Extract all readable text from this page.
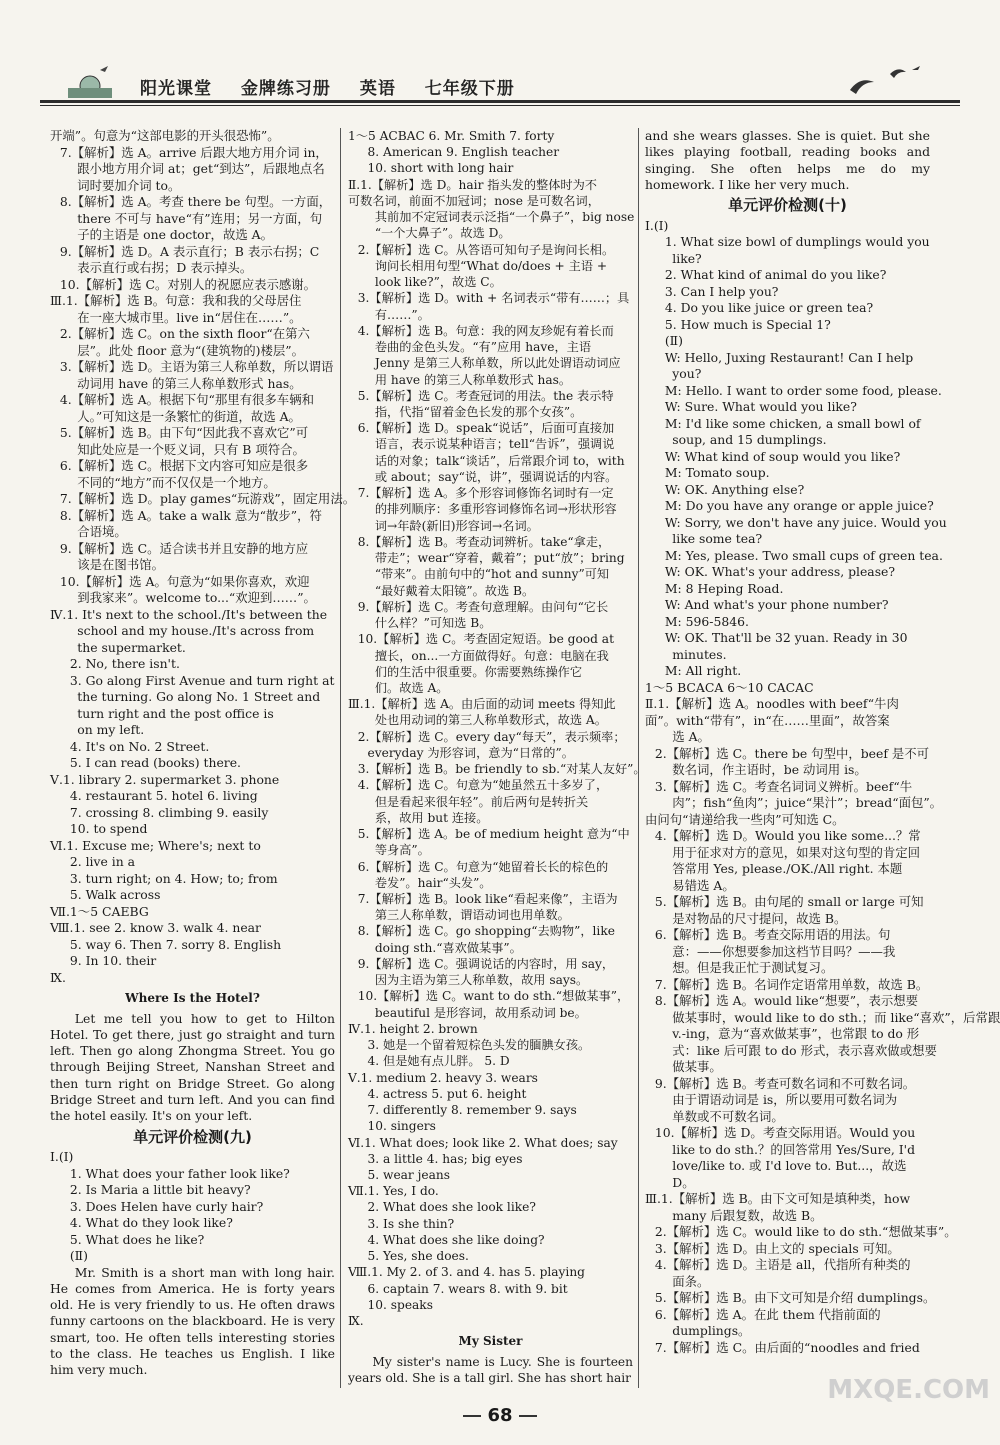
阳光课堂 金牌练习册 英语 七年级下册
开端”。句意为“这部电影的开头很恐怖”。
7.【解析】选 A。arrive 后跟大地方用介词 in，
跟小地方用介词 at；get“到达”，后跟地点名
词时要加介词 to。
8.【解析】选 A。考查 there be 句型。一方面，
there 不可与 have“有”连用；另一方面，句
子的主语是 one doctor，故选 A。
9.【解析】选 D。A 表示直行；B 表示右拐；C
表示直行或右拐；D 表示掉头。
10.【解析】选 C。对别人的祝愿应表示感谢。
Ⅲ.1.【解析】选 B。句意：我和我的父母居住
在一座大城市里。live in“居住在……”。
2.【解析】选 C。on the sixth floor“在第六
层”。此处 floor 意为“(建筑物的)楼层”。
3.【解析】选 D。主语为第三人称单数，所以谓语
动词用 have 的第三人称单数形式 has。
4.【解析】选 A。根据下句“那里有很多车辆和
人。”可知这是一条繁忙的街道，故选 A。
5.【解析】选 B。由下句“因此我不喜欢它”可
知此处应是一个贬义词，只有 B 项符合。
6.【解析】选 C。根据下文内容可知应是很多
不同的“地方”而不仅仅是一个地方。
7.【解析】选 D。play games“玩游戏”，固定用法。
8.【解析】选 A。take a walk 意为“散步”，符
合语境。
9.【解析】选 C。适合读书并且安静的地方应
该是在图书馆。
10.【解析】选 A。句意为“如果你喜欢，欢迎
到我家来”。welcome to...“欢迎到……”。
Ⅳ.1. It's next to the school./It's between the
school and my house./It's across from
the supermarket.
2. No, there isn't.
3. Go along First Avenue and turn right at
the turning. Go along No. 1 Street and
turn right and the post office is
on my left.
4. It's on No. 2 Street.
5. I can read (books) there.
Ⅴ.1. library 2. supermarket 3. phone
4. restaurant 5. hotel 6. living
7. crossing 8. climbing 9. easily
10. to spend
Ⅵ.1. Excuse me; Where's; next to
2. live in a
3. turn right; on 4. How; to; from
5. Walk across
Ⅶ.1～5 CAEBG
Ⅷ.1. see 2. know 3. walk 4. near
5. way 6. Then 7. sorry 8. English
9. In 10. their
Ⅸ.
Where Is the Hotel?
Let me tell you how to get to Hilton Hotel. To get there, just go straight and turn left. Then go along Zhongma Street. You go through Beijing Street, Nanshan Street and then turn right on Bridge Street. Go along Bridge Street and turn left. And you can find the hotel easily. It's on your left.
单元评价检测(九)
Ⅰ.(Ⅰ)
1. What does your father look like?
2. Is Maria a little bit heavy?
3. Does Helen have curly hair?
4. What do they look like?
5. What does he like?
(Ⅱ)
Mr. Smith is a short man with long hair. He comes from America. He is forty years old. He is very friendly to us. He often draws funny cartoons on the blackboard. He is very smart, too. He often tells interesting stories to the class. He teaches us English. I like him very much.
1～5 ACBAC 6. Mr. Smith 7. forty
8. American 9. English teacher
10. short with long hair
Ⅱ.1.【解析】选 D。hair 指头发的整体时为不
可数名词，前面不加冠词；nose 是可数名词，
其前加不定冠词表示泛指“一个鼻子”，big nose
“一个大鼻子”。故选 D。
2.【解析】选 C。从答语可知句子是询问长相。
询问长相用句型“What do/does + 主语 +
look like?”，故选 C。
3.【解析】选 D。with + 名词表示“带有……；具
有……”。
4.【解析】选 B。句意：我的网友珍妮有着长而
卷曲的金色头发。“有”应用 have，主语
Jenny 是第三人称单数，所以此处谓语动词应
用 have 的第三人称单数形式 has。
5.【解析】选 C。考查冠词的用法。the 表示特
指，代指“留着金色长发的那个女孩”。
6.【解析】选 D。speak“说话”，后面可直接加
语言，表示说某种语言；tell“告诉”，强调说
话的对象；talk“谈话”，后常跟介词 to，with
或 about；say“说，讲”，强调说话的内容。
7.【解析】选 A。多个形容词修饰名词时有一定
的排列顺序：多重形容词修饰名词→形状形容
词→年龄(新旧)形容词→名词。
8.【解析】选 B。考查动词辨析。take“拿走，
带走”；wear“穿着，戴着”；put“放”；bring
“带来”。由前句中的“hot and sunny”可知
“最好戴着太阳镜”。故选 B。
9.【解析】选 C。考查句意理解。由问句“它长
什么样？”可知选 B。
10.【解析】选 C。考查固定短语。be good at
擅长，on...一方面做得好。句意：电脑在我
们的生活中很重要。你需要熟练操作它
们。故选 A。
Ⅲ.1.【解析】选 A。由后面的动词 meets 得知此
处也用动词的第三人称单数形式，故选 A。
2.【解析】选 C。every day“每天”，表示频率；
everyday 为形容词，意为“日常的”。
3.【解析】选 B。be friendly to sb.“对某人友好”。
4.【解析】选 C。句意为“她虽然五十多岁了，
但是看起来很年轻”。前后两句是转折关
系，故用 but 连接。
5.【解析】选 A。be of medium height 意为“中
等身高”。
6.【解析】选 C。句意为“她留着长长的棕色的
卷发”。hair“头发”。
7.【解析】选 B。look like“看起来像”，主语为
第三人称单数，谓语动词也用单数。
8.【解析】选 C。go shopping“去购物”，like
doing sth.“喜欢做某事”。
9.【解析】选 C。强调说话的内容时，用 say，
因为主语为第三人称单数，故用 says。
10.【解析】选 C。want to do sth.“想做某事”，
beautiful 是形容词，故用系动词 be。
Ⅳ.1. height 2. brown
3. 她是一个留着短棕色头发的腼腆女孩。
4. 但是她有点儿胖。 5. D
Ⅴ.1. medium 2. heavy 3. wears
4. actress 5. put 6. height
7. differently 8. remember 9. says
10. singers
Ⅵ.1. What does; look like 2. What does; say
3. a little 4. has; big eyes
5. wear jeans
Ⅶ.1. Yes, I do.
2. What does she look like?
3. Is she thin?
4. What does she like doing?
5. Yes, she does.
Ⅷ.1. My 2. of 3. and 4. has 5. playing
6. captain 7. wears 8. with 9. bit
10. speaks
Ⅸ.
My Sister
My sister's name is Lucy. She is fourteen years old. She is a tall girl. She has short hair
and she wears glasses. She is quiet. But she likes playing football, reading books and singing. She often helps me do my homework. I like her very much.
单元评价检测(十)
Ⅰ.(Ⅰ)
1. What size bowl of dumplings would you
like?
2. What kind of animal do you like?
3. Can I help you?
4. Do you like juice or green tea?
5. How much is Special 1?
(Ⅱ)
W: Hello, Juxing Restaurant! Can I help
you?
M: Hello. I want to order some food, please.
W: Sure. What would you like?
M: I'd like some chicken, a small bowl of
soup, and 15 dumplings.
W: What kind of soup would you like?
M: Tomato soup.
W: OK. Anything else?
M: Do you have any orange or apple juice?
W: Sorry, we don't have any juice. Would you
like some tea?
M: Yes, please. Two small cups of green tea.
W: OK. What's your address, please?
M: 8 Heping Road.
W: And what's your phone number?
M: 596-5846.
W: OK. That'll be 32 yuan. Ready in 30
minutes.
M: All right.
1～5 BCACA 6～10 CACAC
Ⅱ.1.【解析】选 A。noodles with beef“牛肉
面”。with“带有”，in“在……里面”，故答案
选 A。
2.【解析】选 C。there be 句型中，beef 是不可
数名词，作主语时，be 动词用 is。
3.【解析】选 C。考查名词词义辨析。beef“牛
肉”；fish“鱼肉”；juice“果汁”；bread“面包”。
由问句“请递给我一些肉”可知选 C。
4.【解析】选 D。Would you like some...？常
用于征求对方的意见，如果对这句型的肯定回
答常用 Yes, please./OK./All right. 本题
易错选 A。
5.【解析】选 B。由句尾的 small or large 可知
是对物品的尺寸提问，故选 B。
6.【解析】选 B。考查交际用语的用法。句
意：——你想要参加这档节目吗？——我
想。但是我正忙于测试复习。
7.【解析】选 B。名词作定语常用单数，故选 B。
8.【解析】选 A。would like“想要”，表示想要
做某事时，would like to do sth.；而 like“喜欢”，后常跟
v.-ing，意为“喜欢做某事”，也常跟 to do 形
式：like 后可跟 to do 形式，表示喜欢做或想要
做某事。
9.【解析】选 B。考查可数名词和不可数名词。
由于谓语动词是 is，所以要用可数名词为
单数或不可数名词。
10.【解析】选 D。考查交际用语。Would you
like to do sth.？的回答常用 Yes/Sure, I'd
love/like to. 或 I'd love to. But...，故选
D。
Ⅲ.1.【解析】选 B。由下文可知是填种类，how
many 后跟复数，故选 B。
2.【解析】选 C。would like to do sth.“想做某事”。
3.【解析】选 D。由上文的 specials 可知。
4.【解析】选 D。主语是 all，代指所有种类的
面条。
5.【解析】选 B。由下文可知是介绍 dumplings。
6.【解析】选 A。在此 them 代指前面的
dumplings。
7.【解析】选 C。由后面的“noodles and fried
68
MXQE.COM
